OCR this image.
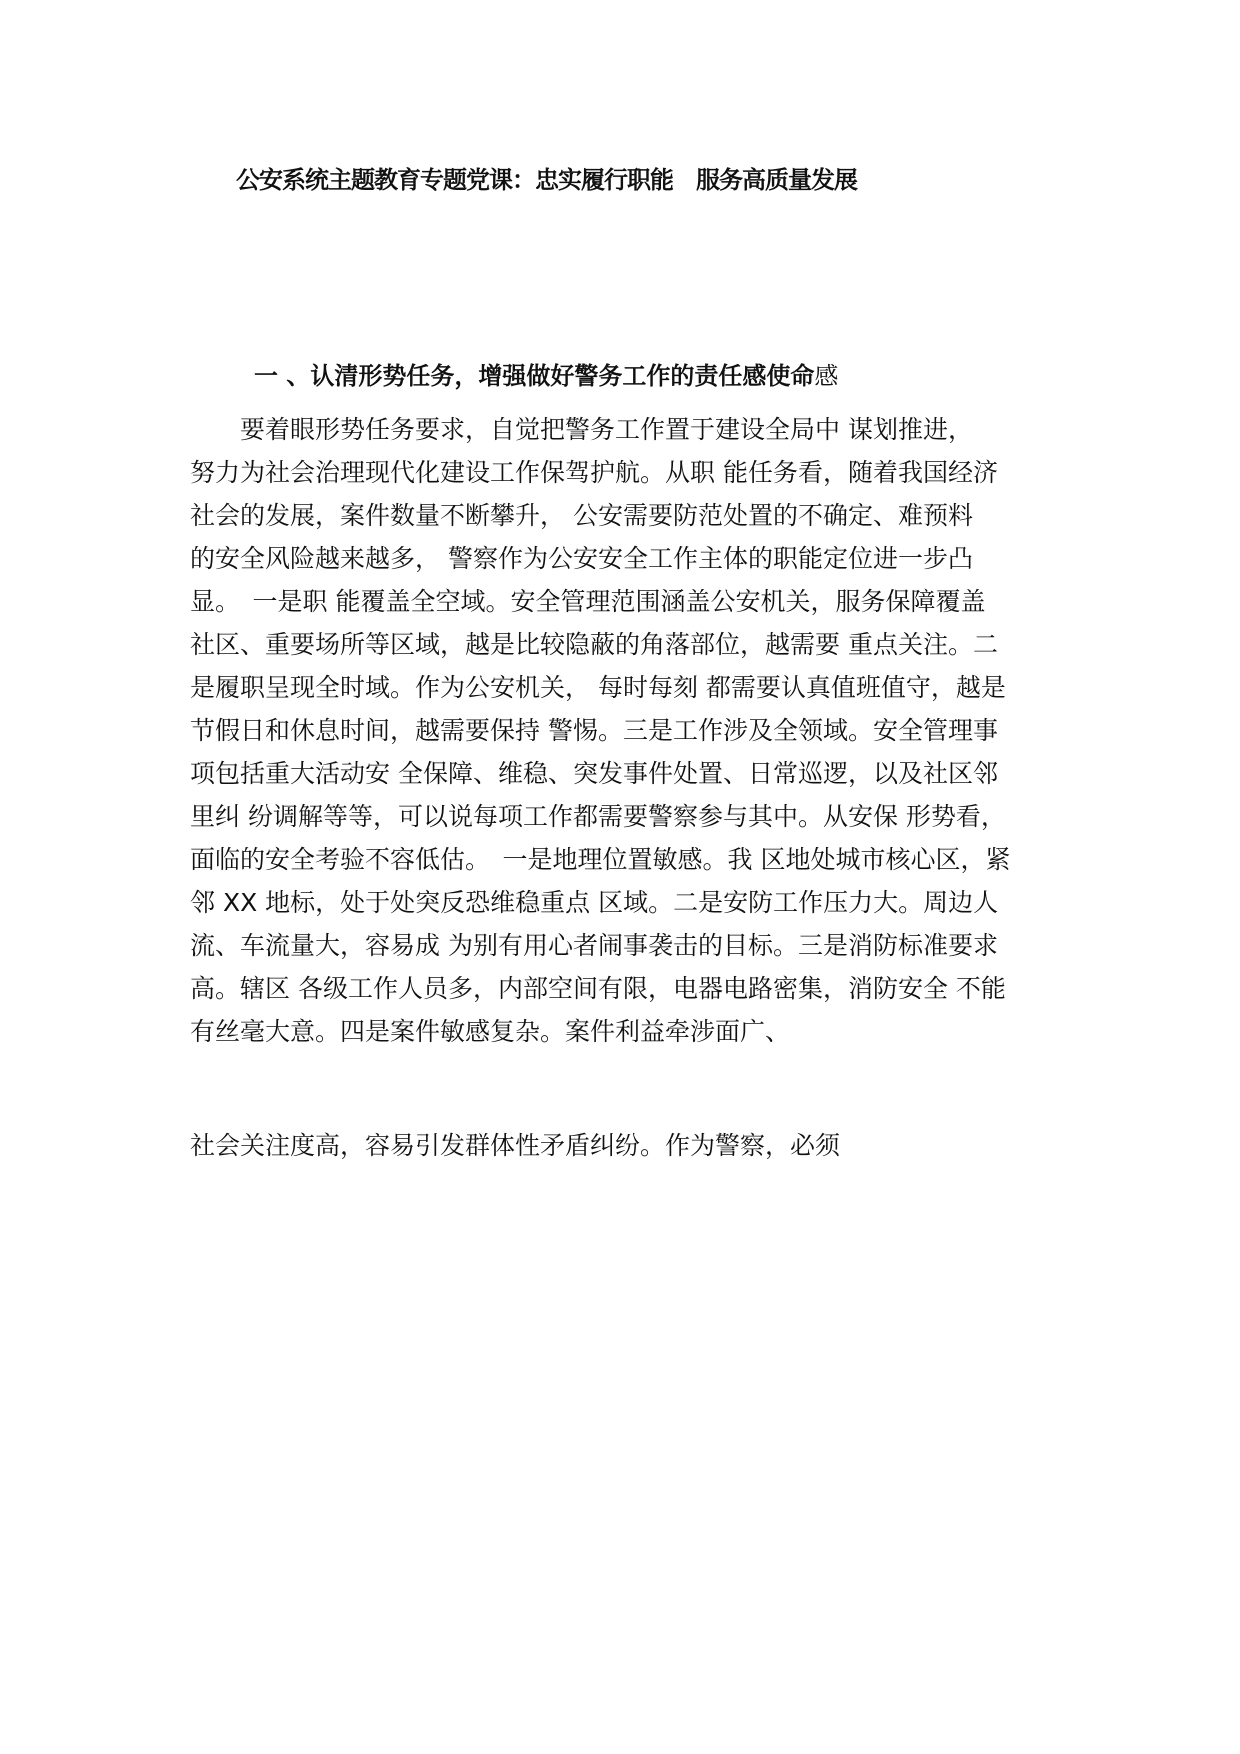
公安系统主题教育专题党课：忠实履行职能　服务高质量发展
一 、认清形势任务，增强做好警务工作的责任感使命感
　　要着眼形势任务要求，自觉把警务工作置于建设全局中 谋划推进，
努力为社会治理现代化建设工作保驾护航。从职 能任务看，随着我国经济
社会的发展，案件数量不断攀升， 公安需要防范处置的不确定、难预料
的安全风险越来越多， 警察作为公安安全工作主体的职能定位进一步凸
显。　一是职 能覆盖全空域。安全管理范围涵盖公安机关，服务保障覆盖
社区、重要场所等区域，越是比较隐蔽的角落部位，越需要 重点关注。二
是履职呈现全时域。作为公安机关， 每时每刻 都需要认真值班值守，越是
节假日和休息时间，越需要保持 警惕。三是工作涉及全领域。安全管理事
项包括重大活动安 全保障、维稳、突发事件处置、日常巡逻，以及社区邻
里纠 纷调解等等，可以说每项工作都需要警察参与其中。从安保 形势看，
面临的安全考验不容低估。　一是地理位置敏感。我 区地处城市核心区，紧
邻 XX 地标，处于处突反恐维稳重点 区域。二是安防工作压力大。周边人
流、车流量大，容易成 为别有用心者闹事袭击的目标。三是消防标准要求
高。辖区 各级工作人员多，内部空间有限，电器电路密集，消防安全 不能
有丝毫大意。四是案件敏感复杂。案件利益牵涉面广、
社会关注度高，容易引发群体性矛盾纠纷。作为警察，必须
